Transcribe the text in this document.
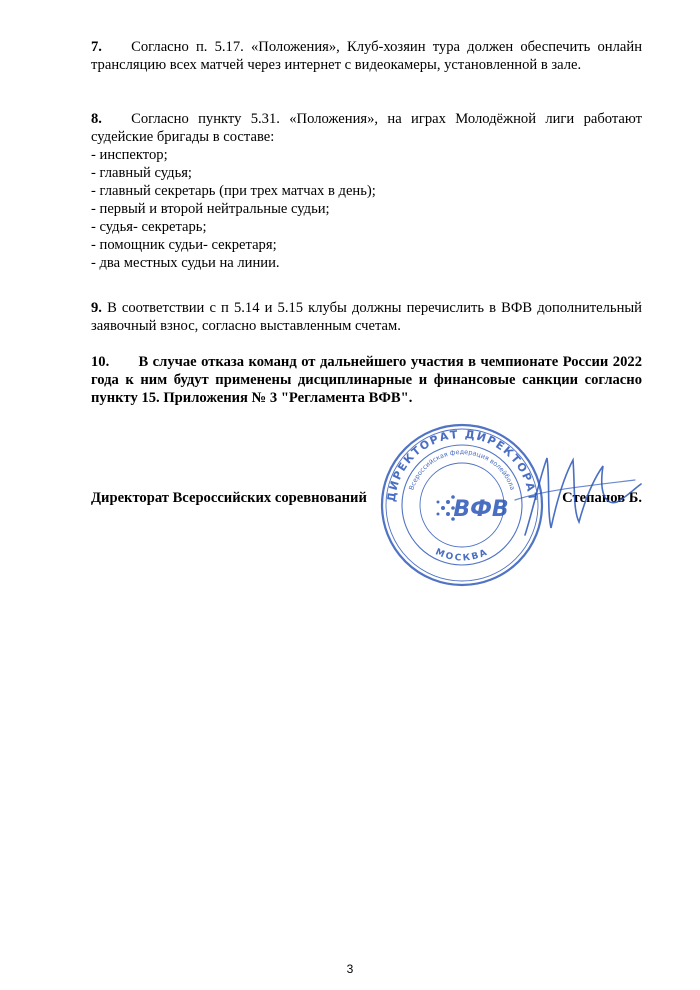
7.   Согласно п. 5.17. «Положения», Клуб-хозяин тура должен обеспечить онлайн трансляцию всех матчей через интернет с видеокамеры, установленной в зале.

8.   Согласно пункту 5.31. «Положения», на играх Молодёжной лиги работают судейские бригады в составе:

- инспектор;
- главный судья;
- главный секретарь (при трех матчах в день);
- первый и второй нейтральные судьи;
- судья- секретарь;
- помощник судьи- секретаря;
- два местных судьи на линии.

9. В соответствии с п 5.14 и 5.15 клубы должны перечислить в ВФВ дополнительный заявочный взнос, согласно выставленным счетам.

10.   В случае отказа команд от дальнейшего участия в чемпионате России 2022 года к ним будут применены дисциплинарные и финансовые санкции согласно пункту 15. Приложения № 3 "Регламента ВФВ".

Директорат Всероссийских соревнований	Степанов Б.
ДИРЕКТОРАТ ДИРЕКТОРАТ
Всероссийская федерация волейбола
МОСКВА
ВФВ
3
